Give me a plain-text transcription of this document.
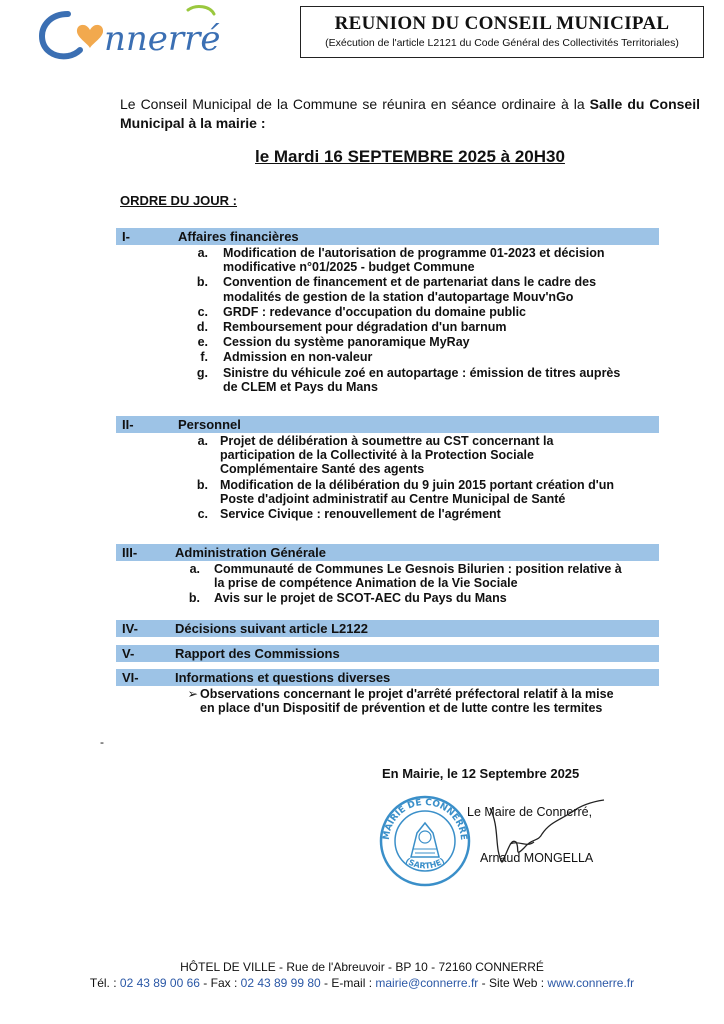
nnerré	REUNION DU CONSEIL MUNICIPAL
(Exécution de l'article L2121 du Code Général des Collectivités Territoriales)
Le Conseil Municipal de la Commune se réunira en séance ordinaire à la Salle du Conseil Municipal à la mairie :
le Mardi 16 SEPTEMBRE 2025 à 20H30
ORDRE DU JOUR :
I-	Affaires financières
a. Modification de l'autorisation de programme 01-2023 et décision
modificative n°01/2025 - budget Commune
b. Convention de financement et de partenariat dans le cadre des
modalités de gestion de la station d'autopartage Mouv'nGo
c. GRDF : redevance d'occupation du domaine public
d. Remboursement pour dégradation d'un barnum
e. Cession du système panoramique MyRay
f. Admission en non-valeur
g. Sinistre du véhicule zoé en autopartage : émission de titres auprès
de CLEM et Pays du Mans
II-	Personnel
a. Projet de délibération à soumettre au CST concernant la
participation de la Collectivité à la Protection Sociale
Complémentaire Santé des agents
b. Modification de la délibération du 9 juin 2015 portant création d'un
Poste d'adjoint administratif au Centre Municipal de Santé
c. Service Civique : renouvellement de l'agrément
III-	Administration Générale
a. Communauté de Communes Le Gesnois Bilurien : position relative à
la prise de compétence Animation de la Vie Sociale
b. Avis sur le projet de SCOT-AEC du Pays du Mans
IV-	Décisions suivant article L2122
V-	Rapport des Commissions
VI-	Informations et questions diverses
➢ Observations concernant le projet d'arrêté préfectoral relatif à la mise
en place d'un Dispositif de prévention et de lutte contre les termites
-
En Mairie, le 12 Septembre 2025
MAIRIE DE CONNERRÉ
(SARTHE)
Le Maire de Connerré,
Arnaud MONGELLA
HÔTEL DE VILLE - Rue de l'Abreuvoir - BP 10 - 72160 CONNERRÉ
Tél. : 02 43 89 00 66 - Fax : 02 43 89 99 80 - E-mail : mairie@connerre.fr - Site Web : www.connerre.fr
